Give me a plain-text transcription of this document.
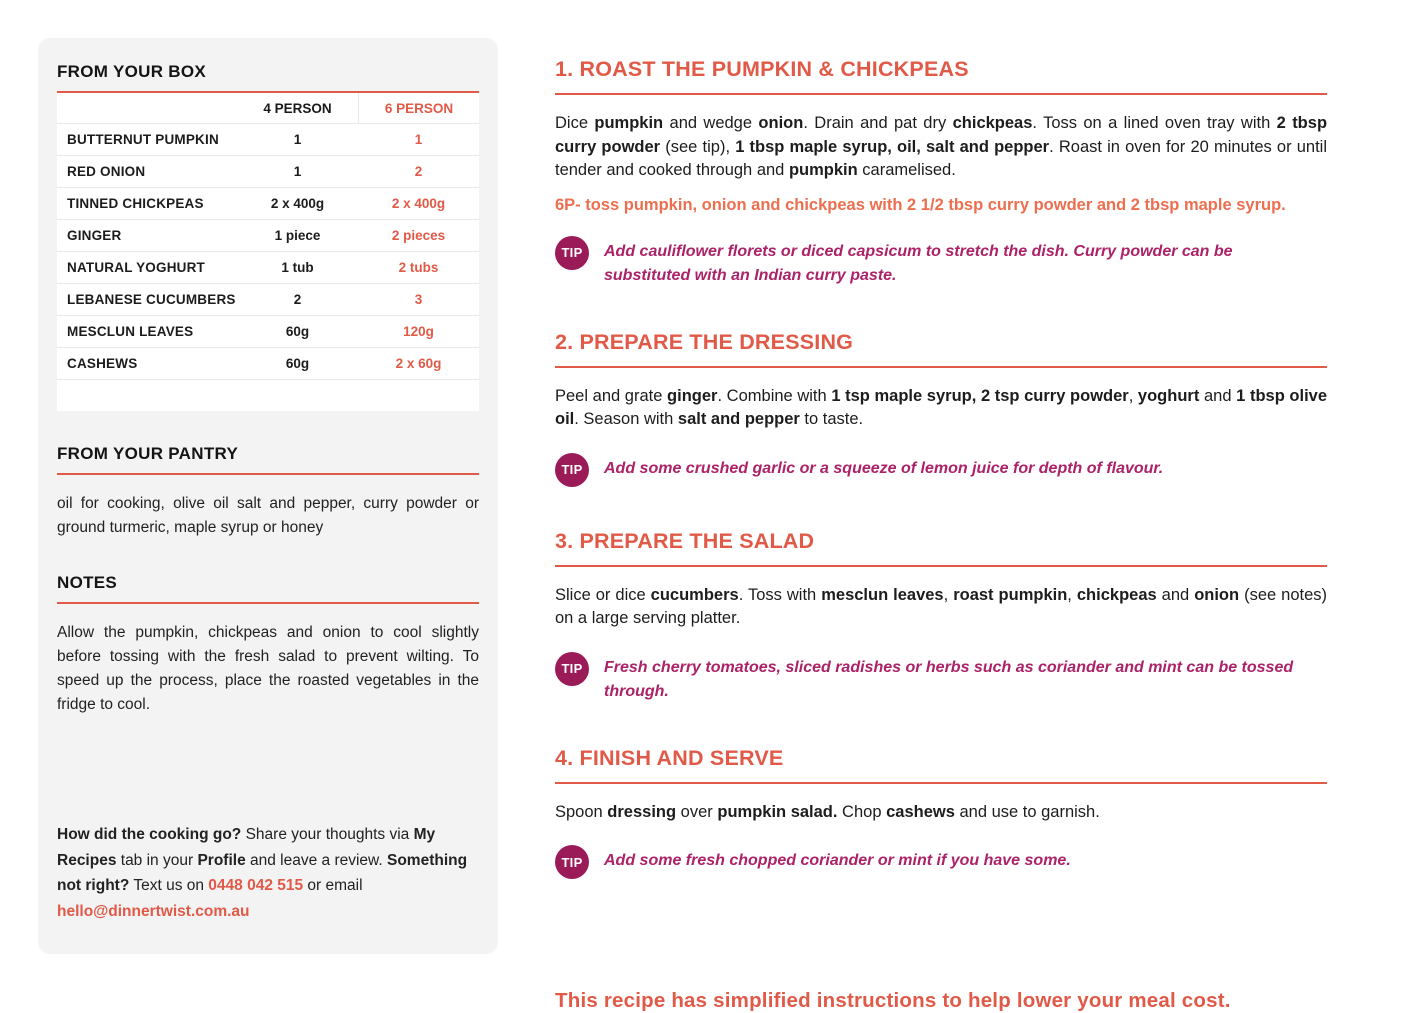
FROM YOUR BOX
4 PERSON	6 PERSON
BUTTERNUT PUMPKIN	1	1
RED ONION	1	2
TINNED CHICKPEAS	2 x 400g	2 x 400g
GINGER	1 piece	2 pieces
NATURAL YOGHURT	1 tub	2 tubs
LEBANESE CUCUMBERS	2	3
MESCLUN LEAVES	60g	120g
CASHEWS	60g	2 x 60g
FROM YOUR PANTRY

oil for cooking, olive oil salt and pepper, curry powder or ground turmeric, maple syrup or honey

NOTES

Allow the pumpkin, chickpeas and onion to cool slightly before tossing with the fresh salad to prevent wilting. To speed up the process, place the roasted vegetables in the fridge to cool.

How did the cooking go? Share your thoughts via My Recipes tab in your Profile and leave a review. Something not right? Text us on 0448 042 515 or email hello@dinnertwist.com.au

1. ROAST THE PUMPKIN & CHICKPEAS

Dice pumpkin and wedge onion. Drain and pat dry chickpeas. Toss on a lined oven tray with 2 tbsp curry powder (see tip), 1 tbsp maple syrup, oil, salt and pepper. Roast in oven for 20 minutes or until tender and cooked through and pumpkin caramelised.

6P- toss pumpkin, onion and chickpeas with 2 1/2 tbsp curry powder and 2 tbsp maple syrup.

TIP	Add cauliflower florets or diced capsicum to stretch the dish. Curry powder can be substituted with an Indian curry paste.

2. PREPARE THE DRESSING

Peel and grate ginger. Combine with 1 tsp maple syrup, 2 tsp curry powder, yoghurt and 1 tbsp olive oil. Season with salt and pepper to taste.

TIP	Add some crushed garlic or a squeeze of lemon juice for depth of flavour.

3. PREPARE THE SALAD

Slice or dice cucumbers. Toss with mesclun leaves, roast pumpkin, chickpeas and onion (see notes) on a large serving platter.

TIP	Fresh cherry tomatoes, sliced radishes or herbs such as coriander and mint can be tossed through.

4. FINISH AND SERVE

Spoon dressing over pumpkin salad. Chop cashews and use to garnish.

TIP	Add some fresh chopped coriander or mint if you have some.

This recipe has simplified instructions to help lower your meal cost.
